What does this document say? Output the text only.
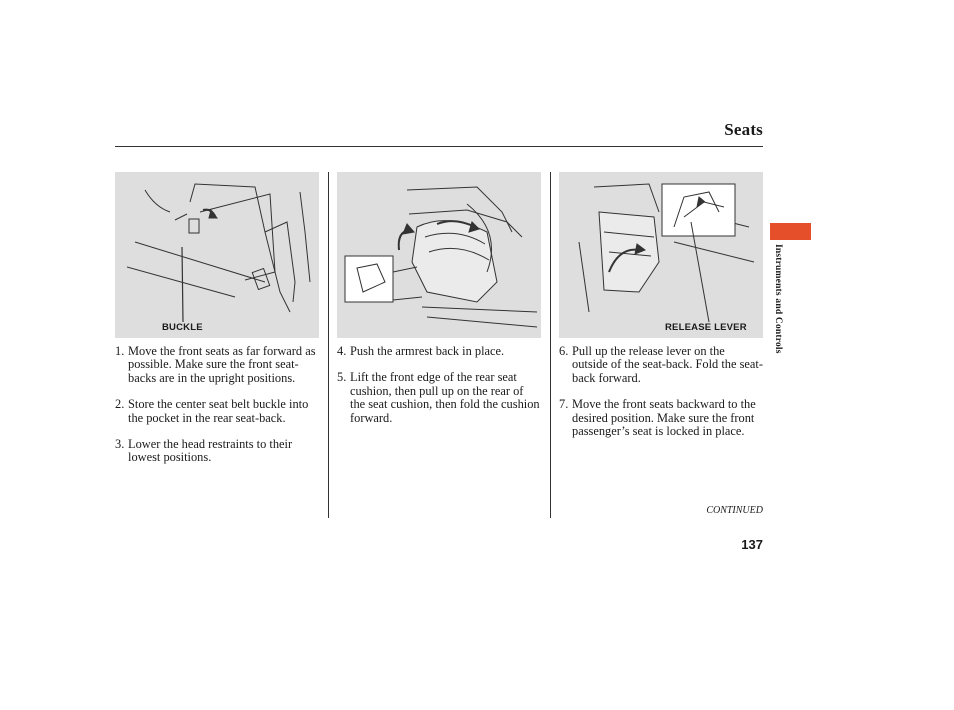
Seats
BUCKLE	RELEASE LEVER
1. Move the front seats as far forward as possible. Make sure the front seat-backs are in the upright positions.
2. Store the center seat belt buckle into the pocket in the rear seat-back.
3. Lower the head restraints to their lowest positions.
4. Push the armrest back in place.
5. Lift the front edge of the rear seat cushion, then pull up on the rear of the seat cushion, then fold the cushion forward.
6. Pull up the release lever on the outside of the seat-back. Fold the seat-back forward.
7. Move the front seats backward to the desired position. Make sure the front passenger’s seat is locked in place.
Instruments and Controls
CONTINUED
137
